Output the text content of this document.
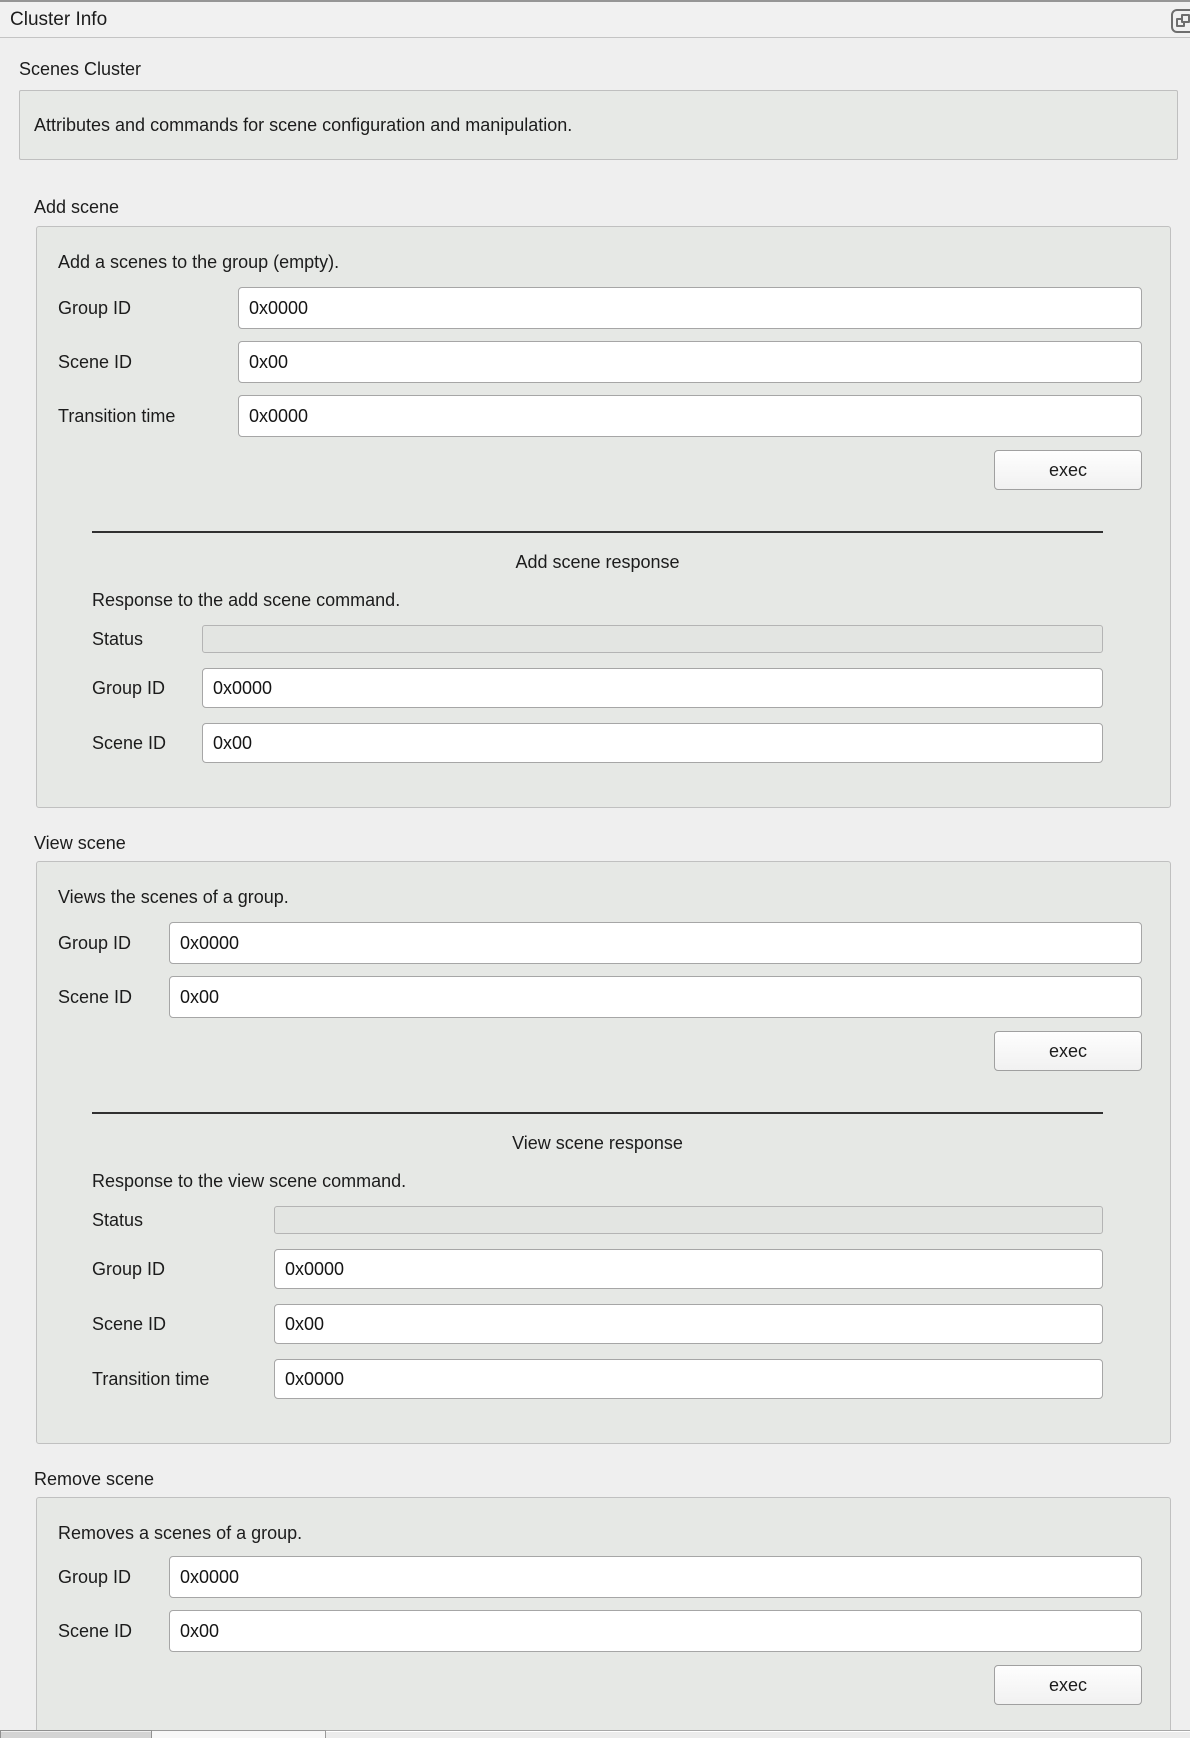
Cluster Info
Scenes Cluster
Attributes and commands for scene configuration and manipulation.
Add scene
Add a scenes to the group (empty).
Group ID
0x0000
Scene ID
0x00
Transition time
0x0000
exec
Add scene response
Response to the add scene command.
Status
Group ID
0x0000
Scene ID
0x00
View scene
Views the scenes of a group.
Group ID
0x0000
Scene ID
0x00
exec
View scene response
Response to the view scene command.
Status
Group ID
0x0000
Scene ID
0x00
Transition time
0x0000
Remove scene
Removes a scenes of a group.
Group ID
0x0000
Scene ID
0x00
exec
